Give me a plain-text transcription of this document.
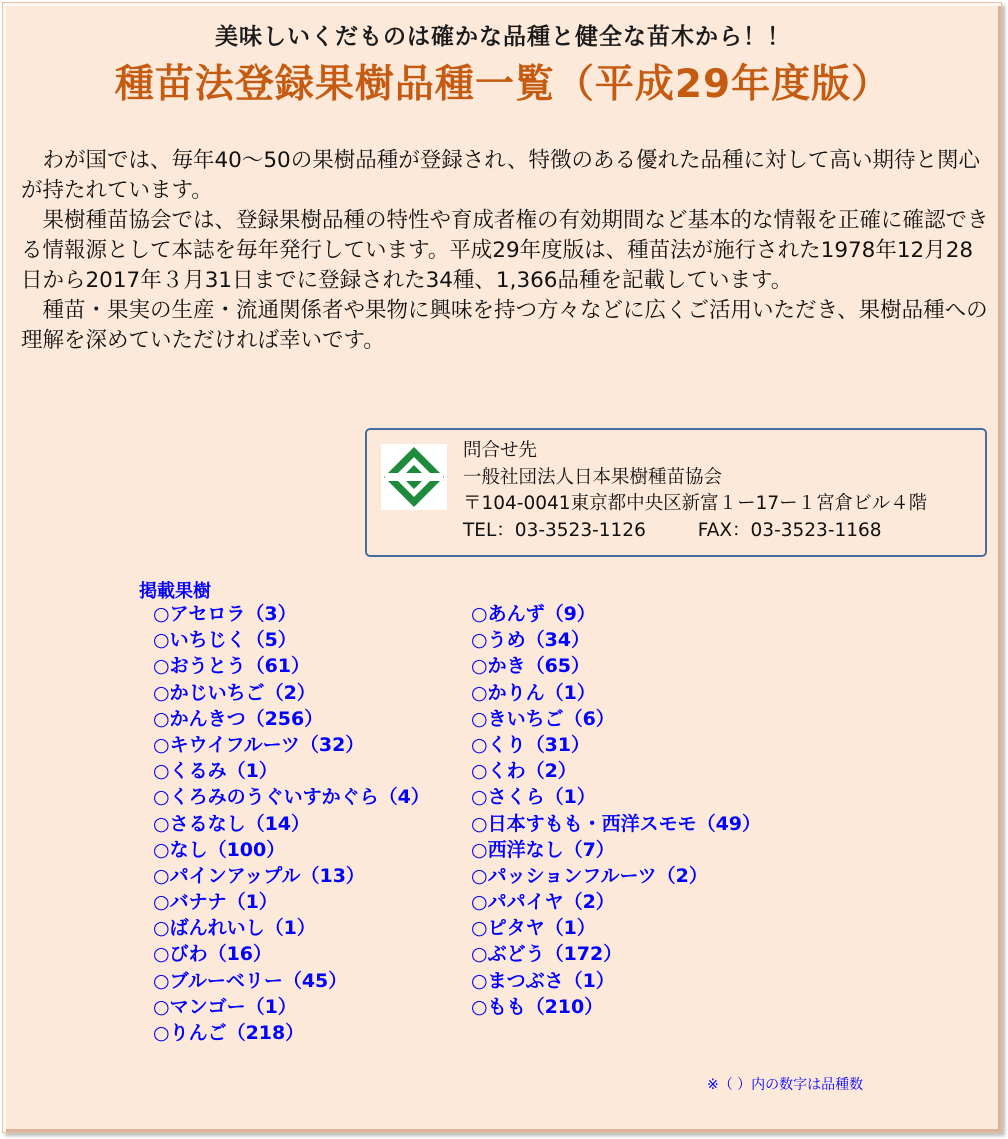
美味しいくだものは確かな品種と健全な苗木から！！
種苗法登録果樹品種一覧（平成29年度版）

　わが国では、毎年40～50の果樹品種が登録され、特徴のある優れた品種に対して高い期待と関心が持たれています。

　果樹種苗協会では、登録果樹品種の特性や育成者権の有効期間など基本的な情報を正確に確認できる情報源として本誌を毎年発行しています。平成29年度版は、種苗法が施行された1978年12月28日から2017年３月31日までに登録された34種、1,366品種を記載しています。

　種苗・果実の生産・流通関係者や果物に興味を持つ方々などに広くご活用いただき、果樹品種への理解を深めていただければ幸いです。

問合せ先
一般社団法人日本果樹種苗協会
〒104-0041東京都中央区新富１ー17ー１宮倉ビル４階
TEL：03-3523-1126	FAX：03-3523-1168
掲載果樹
○アセロラ（3）
○いちじく（5）
○おうとう（61）
○かじいちご（2）
○かんきつ（256）
○キウイフルーツ（32）
○くるみ（1）
○くろみのうぐいすかぐら（4）
○さるなし（14）
○なし（100）
○パインアップル（13）
○バナナ（1）
○ばんれいし（1）
○びわ（16）
○ブルーベリー（45）
○マンゴー（1）
○りんご（218）
○あんず（9）
○うめ（34）
○かき（65）
○かりん（1）
○きいちご（6）
○くり（31）
○くわ（2）
○さくら（1）
○日本すもも・西洋スモモ（49）
○西洋なし（7）
○パッションフルーツ（2）
○パパイヤ（2）
○ピタヤ（1）
○ぶどう（172）
○まつぶさ（1）
○もも（210）
※（ ）内の数字は品種数
